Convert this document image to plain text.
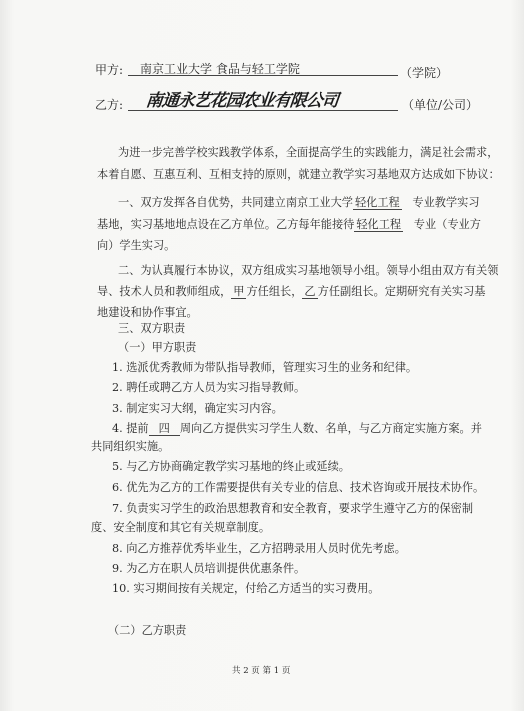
甲方: 南京工业大学 食品与轻工学院	（学院）
乙方: 南通永艺花园农业有限公司	（单位/公司）
为进一步完善学校实践教学体系，全面提高学生的实践能力，满足社会需求，
本着自愿、互惠互利、互相支持的原则，就建立教学实习基地双方达成如下协议：
一、双方发挥各自优势，共同建立南京工业大学 轻化工程 专业教学实习
基地，实习基地地点设在乙方单位。乙方每年能接待 轻化工程 专业（专业方
向）学生实习。
二、为认真履行本协议，双方组成实习基地领导小组。领导小组由双方有关领
导、技术人员和教师组成， 甲 方任组长， 乙 方任副组长。定期研究有关实习基
地建设和协作事宜。
三、双方职责
（一）甲方职责
1. 选派优秀教师为带队指导教师，管理实习生的业务和纪律。
2. 聘任或聘乙方人员为实习指导教师。
3. 制定实习大纲，确定实习内容。
4. 提前 四 周向乙方提供实习学生人数、名单，与乙方商定实施方案。并
共同组织实施。
5. 与乙方协商确定教学实习基地的终止或延续。
6. 优先为乙方的工作需要提供有关专业的信息、技术咨询或开展技术协作。
7. 负责实习学生的政治思想教育和安全教育，要求学生遵守乙方的保密制
度、安全制度和其它有关规章制度。
8. 向乙方推荐优秀毕业生，乙方招聘录用人员时优先考虑。
9. 为乙方在职人员培训提供优惠条件。
10. 实习期间按有关规定，付给乙方适当的实习费用。
（二）乙方职责
共 2 页 第 1 页
